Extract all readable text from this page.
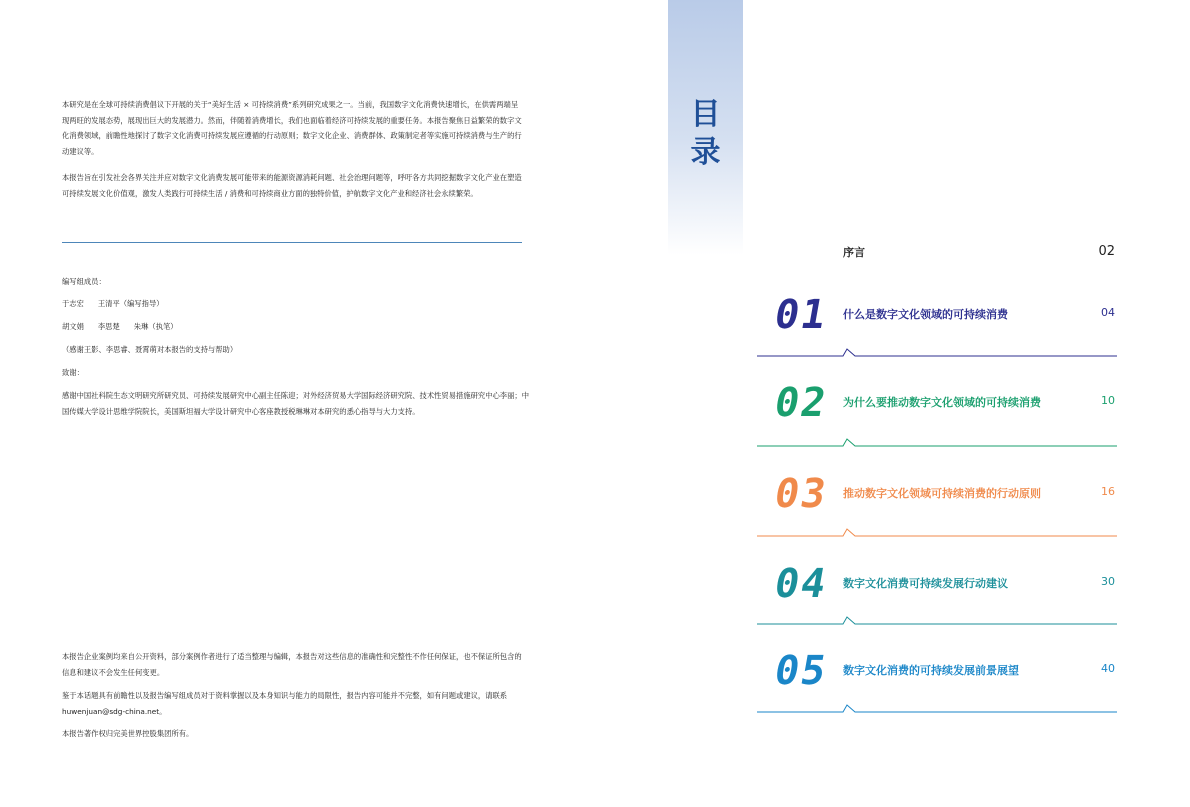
本研究是在全球可持续消费倡议下开展的关于“美好生活 × 可持续消费”系列研究成果之一。当前，我国数字文化消费快速增长，在供需两端呈现两旺的发展态势，展现出巨大的发展潜力。然而，伴随着消费增长，我们也面临着经济可持续发展的重要任务。本报告聚焦日益繁荣的数字文化消费领域，前瞻性地探讨了数字文化消费可持续发展应遵循的行动原则；数字文化企业、消费群体、政策制定者等实施可持续消费与生产的行动建议等。

本报告旨在引发社会各界关注并应对数字文化消费发展可能带来的能源资源消耗问题、社会治理问题等，呼吁各方共同挖掘数字文化产业在塑造可持续发展文化价值观，激发人类践行可持续生活 / 消费和可持续商业方面的独特价值，护航数字文化产业和经济社会永续繁荣。

编写组成员：

于志宏 王清平（编写指导）
胡文娟 李思楚 朱琳（执笔）

（感谢王影、李思睿、聂霄萌对本报告的支持与帮助）

致谢：

感谢中国社科院生态文明研究所研究员、可持续发展研究中心副主任陈迎；对外经济贸易大学国际经济研究院、技术性贸易措施研究中心李丽；中国传媒大学设计思维学院院长，美国斯坦福大学设计研究中心客座教授税琳琳对本研究的悉心指导与大力支持。

本报告企业案例均来自公开资料，部分案例作者进行了适当整理与编辑，本报告对这些信息的准确性和完整性不作任何保证，也不保证所包含的信息和建议不会发生任何变更。

鉴于本话题具有前瞻性以及报告编写组成员对于资料掌握以及本身知识与能力的局限性，报告内容可能并不完整，如有问题或建议，请联系 huwenjuan@sdg-china.net。

本报告著作权归完美世界控股集团所有。

目
录
序言	02
01 什么是数字文化领域的可持续消费	04
02 为什么要推动数字文化领域的可持续消费	10
03 推动数字文化领域可持续消费的行动原则	16
04 数字文化消费可持续发展行动建议	30
05 数字文化消费的可持续发展前景展望	40
